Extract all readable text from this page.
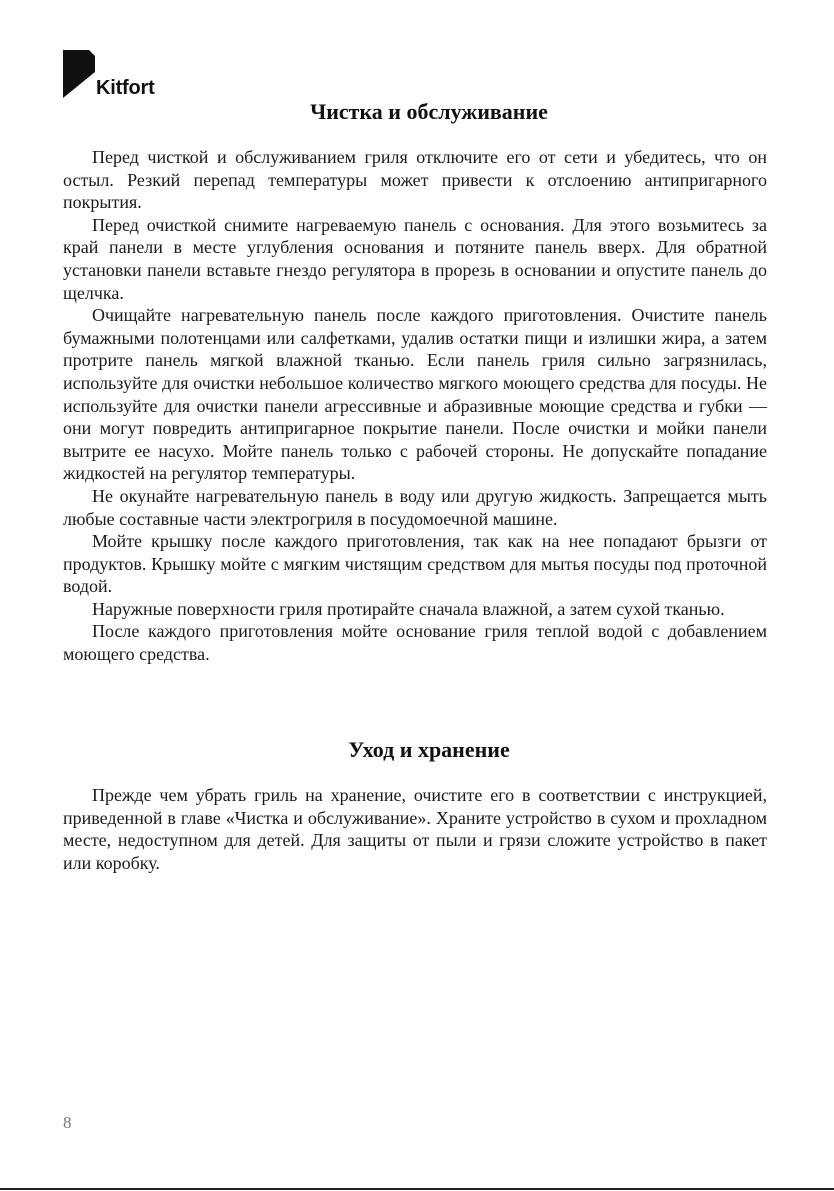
Kitfort
Чистка и обслуживание

Перед чисткой и обслуживанием гриля отключите его от сети и убедитесь, что он остыл. Резкий перепад температуры может привести к отслоению антипригарного покрытия.

Перед очисткой снимите нагреваемую панель с основания. Для этого возьмитесь за край панели в месте углубления основания и потяните панель вверх. Для обратной установки панели вставьте гнездо регулятора в прорезь в основании и опустите панель до щелчка.

Очищайте нагревательную панель после каждого приготовления. Очистите панель бумажными полотенцами или салфетками, удалив остатки пищи и излишки жира, а затем протрите панель мягкой влажной тканью. Если панель гриля сильно загрязнилась, используйте для очистки небольшое количество мягкого моющего средства для посуды. Не используйте для очистки панели агрессивные и абразивные моющие средства и губки — они могут повредить антипригарное покрытие панели. После очистки и мойки панели вытрите ее насухо. Мойте панель только с рабочей стороны. Не допускайте попадание жидкостей на регулятор температуры.

Не окунайте нагревательную панель в воду или другую жидкость. Запрещается мыть любые составные части электрогриля в посудомоечной машине.

Мойте крышку после каждого приготовления, так как на нее попадают брызги от продуктов. Крышку мойте с мягким чистящим средством для мытья посуды под проточной водой.

Наружные поверхности гриля протирайте сначала влажной, а затем сухой тканью.

После каждого приготовления мойте основание гриля теплой водой с добавлением моющего средства.

Уход и хранение

Прежде чем убрать гриль на хранение, очистите его в соответствии с инструкцией, приведенной в главе «Чистка и обслуживание». Храните устройство в сухом и прохладном месте, недоступном для детей. Для защиты от пыли и грязи сложите устройство в пакет или коробку.

8
